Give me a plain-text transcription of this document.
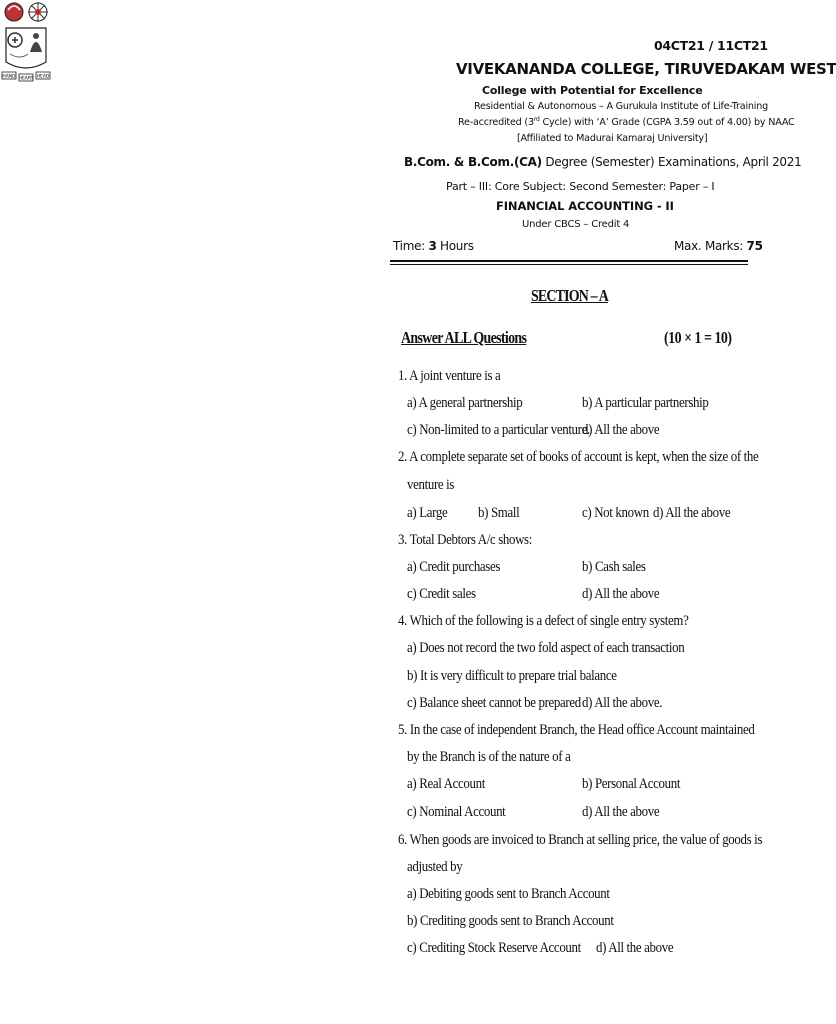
04CT21 / 11CT21
HAND HEART HEAD	VIVEKANANDA COLLEGE, TIRUVEDAKAM WEST
College with Potential for Excellence
Residential & Autonomous – A Gurukula Institute of Life-Training
Re-accredited (3rd Cycle) with ‘A’ Grade (CGPA 3.59 out of 4.00) by NAAC
[Affiliated to Madurai Kamaraj University]
B.Com. & B.Com.(CA) Degree (Semester) Examinations, April 2021
Part – III: Core Subject: Second Semester: Paper – I
FINANCIAL ACCOUNTING - II
Under CBCS – Credit 4
Time: 3 Hours	Max. Marks: 75
SECTION – A
Answer ALL Questions	(10 × 1 = 10)
1. A joint venture is a
a) A general partnership	b) A particular partnership
c) Non-limited to a particular venture.
d) All the above
2. A complete separate set of books of account is kept, when the size of the
venture is
a) Large b) Small	c) Not known d) All the above
3. Total Debtors A/c shows:
a) Credit purchases	b) Cash sales
c) Credit sales	d) All the above
4. Which of the following is a defect of single entry system?
a) Does not record the two fold aspect of each transaction
b) It is very difficult to prepare trial balance
c) Balance sheet cannot be prepared d) All the above.
5. In the case of independent Branch, the Head office Account maintained
by the Branch is of the nature of a
a) Real Account	b) Personal Account
c) Nominal Account	d) All the above
6. When goods are invoiced to Branch at selling price, the value of goods is
adjusted by
a) Debiting goods sent to Branch Account
b) Crediting goods sent to Branch Account
c) Crediting Stock Reserve Account d) All the above
